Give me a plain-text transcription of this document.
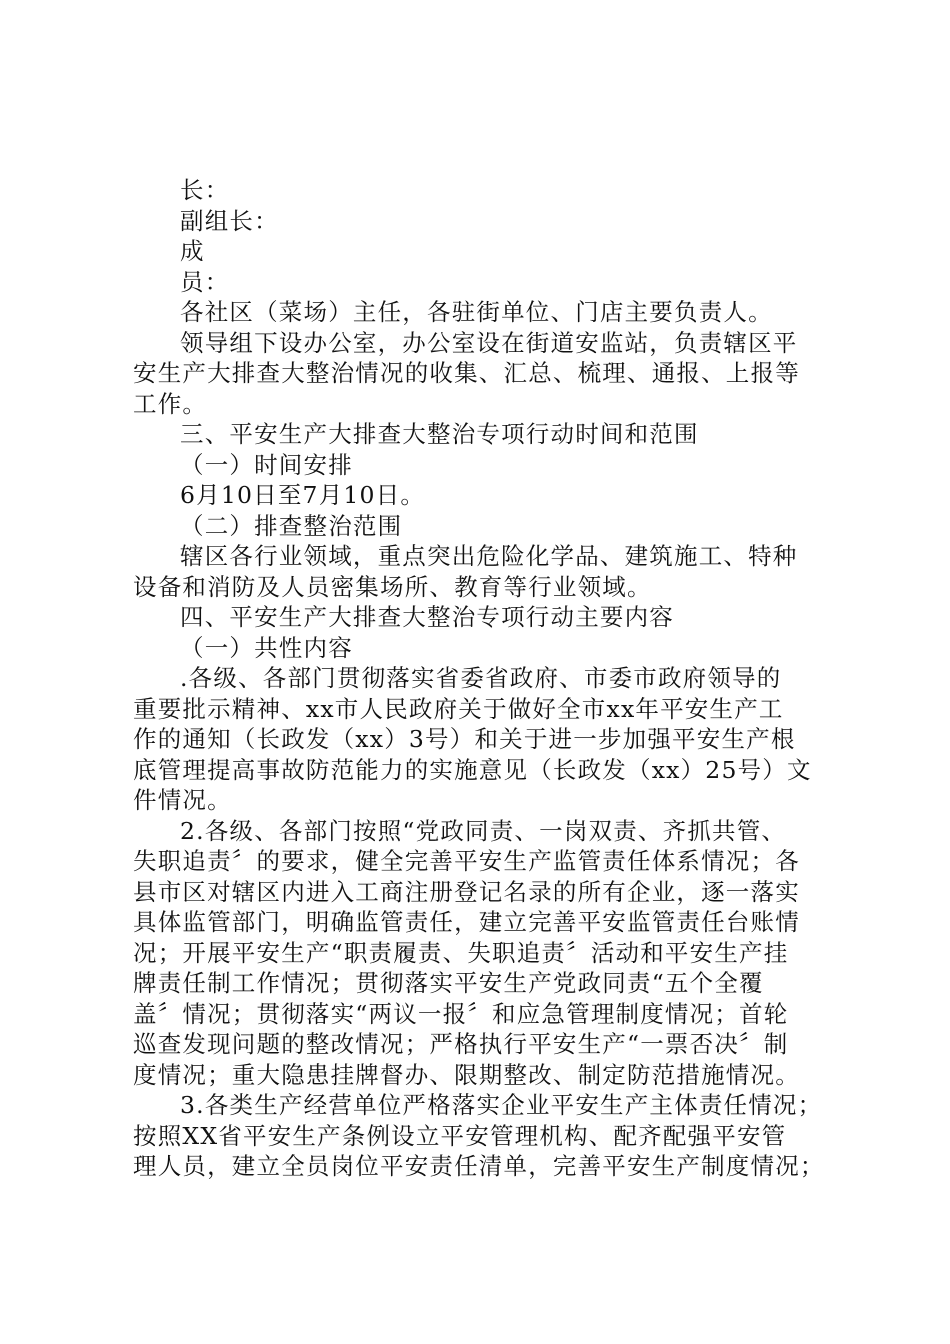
长：
副组长：
成
员：
各社区（菜场）主任，各驻街单位、门店主要负责人。
领导组下设办公室，办公室设在街道安监站，负责辖区平
安生产大排查大整治情况的收集、汇总、梳理、通报、上报等
工作。
三、平安生产大排查大整治专项行动时间和范围
（一）时间安排
6月10日至7月10日。
（二）排查整治范围
辖区各行业领域，重点突出危险化学品、建筑施工、特种
设备和消防及人员密集场所、教育等行业领域。
四、平安生产大排查大整治专项行动主要内容
（一）共性内容
.各级、各部门贯彻落实省委省政府、市委市政府领导的
重要批示精神、xx市人民政府关于做好全市xx年平安生产工
作的通知（长政发（xx）3号）和关于进一步加强平安生产根
底管理提高事故防范能力的实施意见（长政发（xx）25号）文
件情况。
2.各级、各部门按照“党政同责、一岗双责、齐抓共管、
失职追责〞的要求，健全完善平安生产监管责任体系情况；各
县市区对辖区内进入工商注册登记名录的所有企业，逐一落实
具体监管部门，明确监管责任，建立完善平安监管责任台账情
况；开展平安生产“职责履责、失职追责〞活动和平安生产挂
牌责任制工作情况；贯彻落实平安生产党政同责“五个全覆
盖〞情况；贯彻落实“两议一报〞和应急管理制度情况；首轮
巡查发现问题的整改情况；严格执行平安生产“一票否决〞制
度情况；重大隐患挂牌督办、限期整改、制定防范措施情况。
3.各类生产经营单位严格落实企业平安生产主体责任情况；
按照XX省平安生产条例设立平安管理机构、配齐配强平安管
理人员，建立全员岗位平安责任清单，完善平安生产制度情况；
